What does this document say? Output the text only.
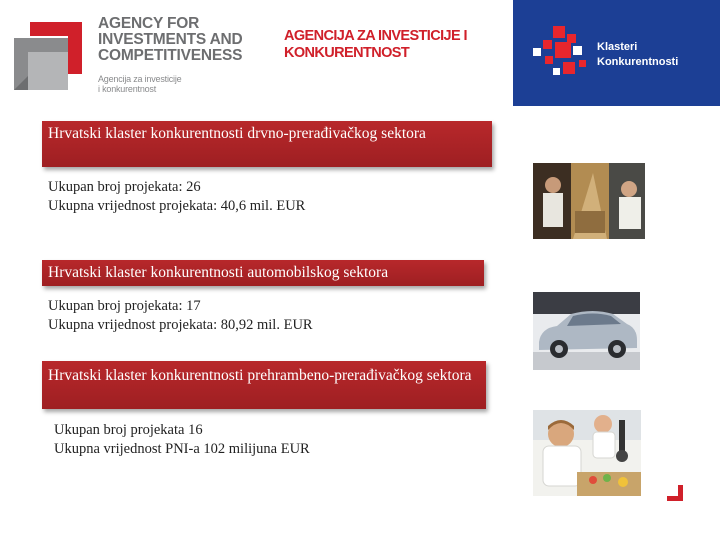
AGENCY FOR
INVESTMENTS AND
COMPETITIVENESS
Agencija za investicije
i konkurentnost
AGENCIJA ZA INVESTICIJE I
KONKURENTNOST	Klasteri
Konkurentnosti
Hrvatski klaster konkurentnosti drvno-prerađivačkog sektora
Ukupan broj projekata: 26
Ukupna vrijednost projekata: 40,6 mil. EUR
Hrvatski klaster konkurentnosti automobilskog sektora
Ukupan broj projekata: 17
Ukupna vrijednost projekata: 80,92 mil. EUR
Hrvatski klaster konkurentnosti prehrambeno-prerađivačkog sektora
Ukupan broj projekata 16
Ukupna vrijednost PNI-a 102 milijuna EUR
